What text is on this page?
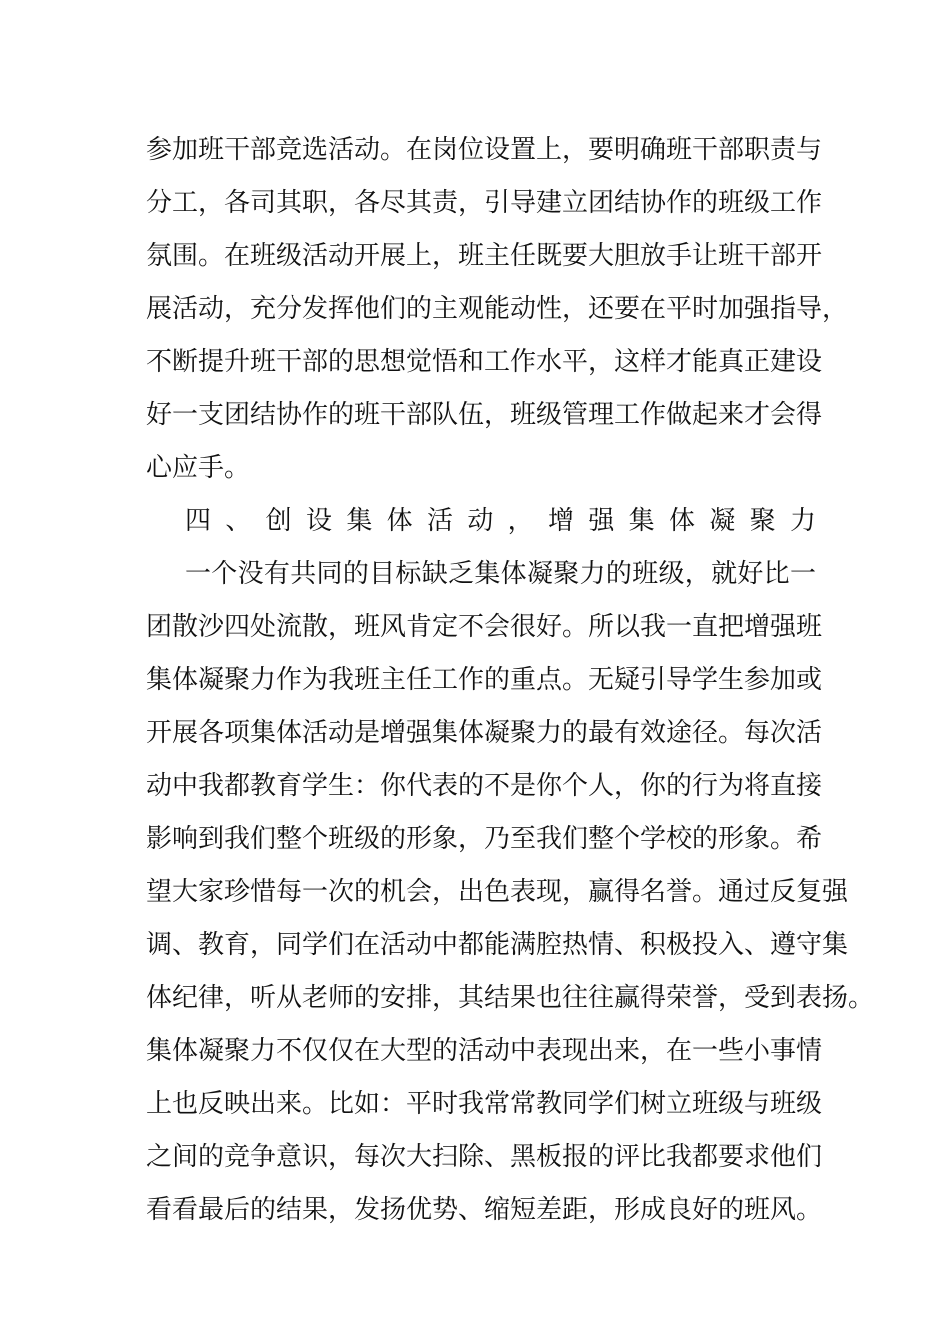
参加班干部竞选活动。在岗位设置上，要明确班干部职责与
分工，各司其职，各尽其责，引导建立团结协作的班级工作
氛围。在班级活动开展上，班主任既要大胆放手让班干部开
展活动，充分发挥他们的主观能动性，还要在平时加强指导，
不断提升班干部的思想觉悟和工作水平，这样才能真正建设
好一支团结协作的班干部队伍，班级管理工作做起来才会得
心应手。
四、创设集体活动，增强集体凝聚力
一个没有共同的目标缺乏集体凝聚力的班级，就好比一
团散沙四处流散，班风肯定不会很好。所以我一直把增强班
集体凝聚力作为我班主任工作的重点。无疑引导学生参加或
开展各项集体活动是增强集体凝聚力的最有效途径。每次活
动中我都教育学生：你代表的不是你个人，你的行为将直接
影响到我们整个班级的形象，乃至我们整个学校的形象。希
望大家珍惜每一次的机会，出色表现，赢得名誉。通过反复强
调、教育，同学们在活动中都能满腔热情、积极投入、遵守集
体纪律，听从老师的安排，其结果也往往赢得荣誉，受到表扬。
集体凝聚力不仅仅在大型的活动中表现出来，在一些小事情
上也反映出来。比如：平时我常常教同学们树立班级与班级
之间的竞争意识，每次大扫除、黑板报的评比我都要求他们
看看最后的结果，发扬优势、缩短差距，形成良好的班风。
